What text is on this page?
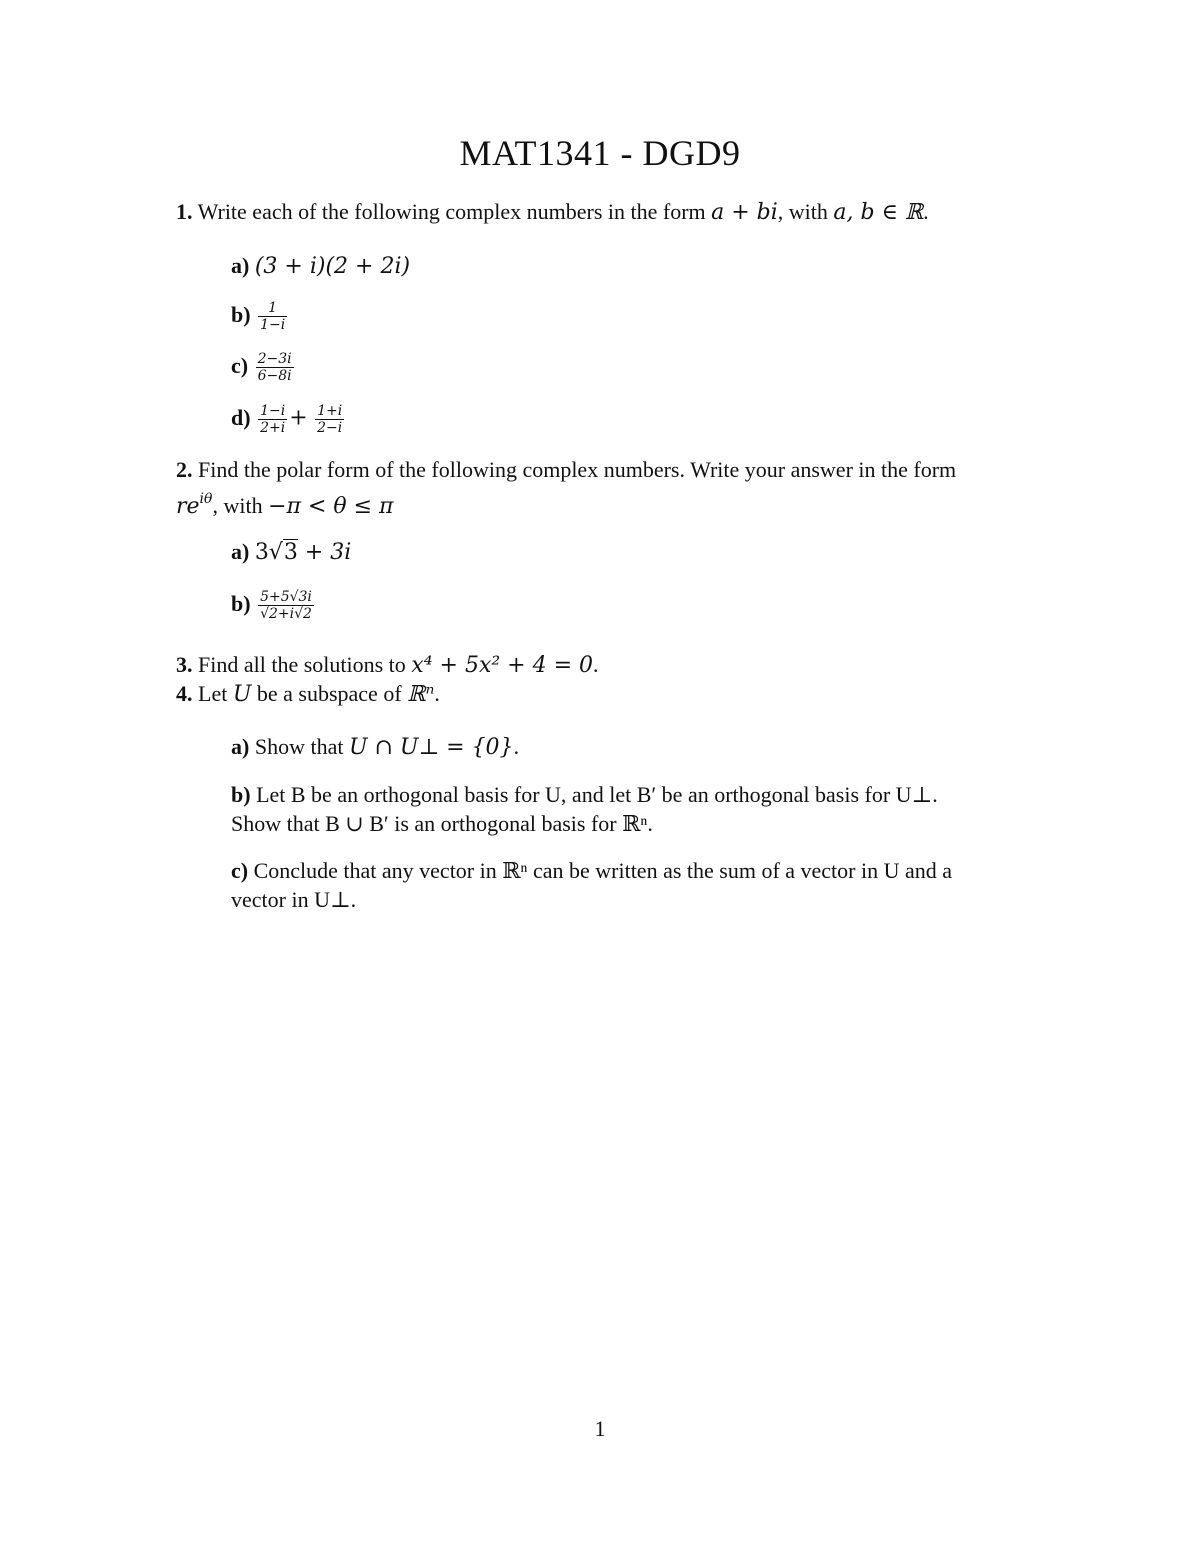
MAT1341 - DGD9
1. Write each of the following complex numbers in the form a + bi, with a, b ∈ ℝ.
a) (3 + i)(2 + 2i)
$b) \frac{1}{1-i}$
$c) \frac{2-3i}{6-8i}$
$d) \frac{1-i}{2+i} + \frac{1+i}{2-i}$
2. Find the polar form of the following complex numbers. Write your answer in the form
$re^{i\theta}$, with −π < θ ≤ π
a) 3√3 + 3i
$b) \frac{5+5√3i}{√2+i√2}$
3. Find all the solutions to x⁴ + 5x² + 4 = 0.
4. Let U be a subspace of ℝⁿ.
a) Show that U ∩ U⊥ = {0}.
b) Let B be an orthogonal basis for U, and let B′ be an orthogonal basis for U⊥.
Show that B ∪ B′ is an orthogonal basis for ℝⁿ.
c) Conclude that any vector in ℝⁿ can be written as the sum of a vector in U and a
vector in U⊥.
1
